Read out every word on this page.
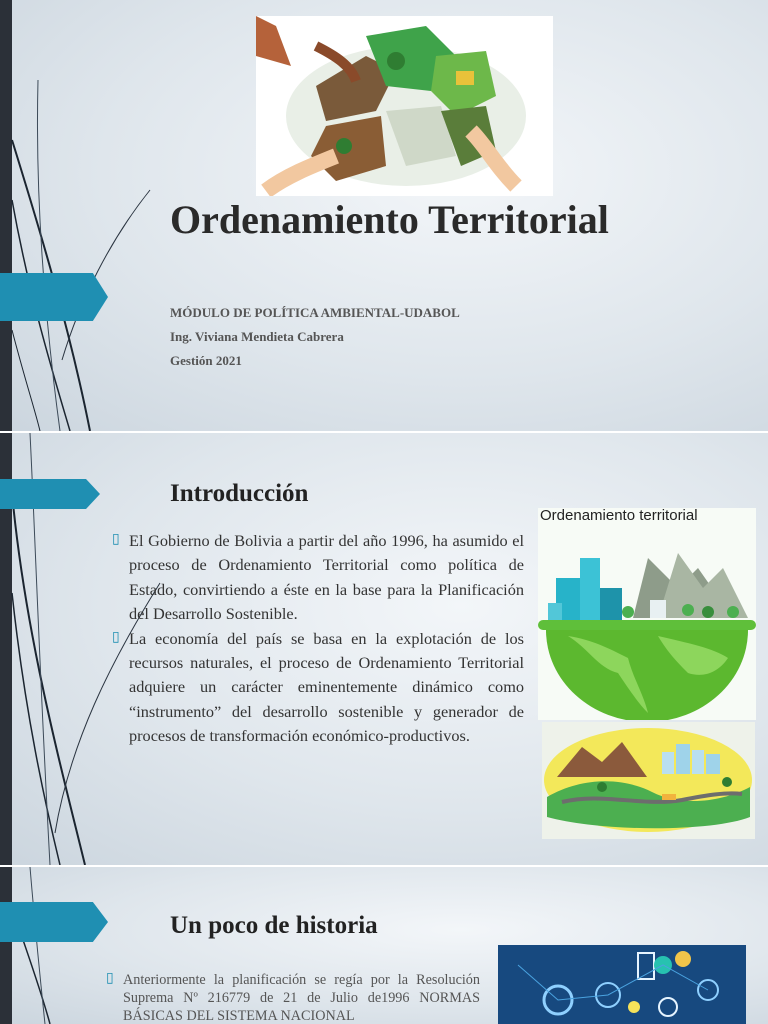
Ordenamiento Territorial
MÓDULO DE POLÍTICA AMBIENTAL-UDABOL
Ing. Viviana Mendieta Cabrera
Gestión 2021
Introducción
▯ El Gobierno de Bolivia a partir del año 1996, ha asumido el proceso de Ordenamiento Territorial como política de Estado, convirtiendo a éste en la base para la Planificación del Desarrollo Sostenible.
▯ La economía del país se basa en la explotación de los recursos naturales, el proceso de Ordenamiento Territorial adquiere un carácter eminentemente dinámico como “instrumento” del desarrollo sostenible y generador de procesos de transformación económico-productivos.
Ordenamiento territorial
Un poco de historia
▯ Anteriormente la planificación se regía por la Resolución Suprema Nº 216779 de 21 de Julio de1996 NORMAS BÁSICAS DEL SISTEMA NACIONAL
